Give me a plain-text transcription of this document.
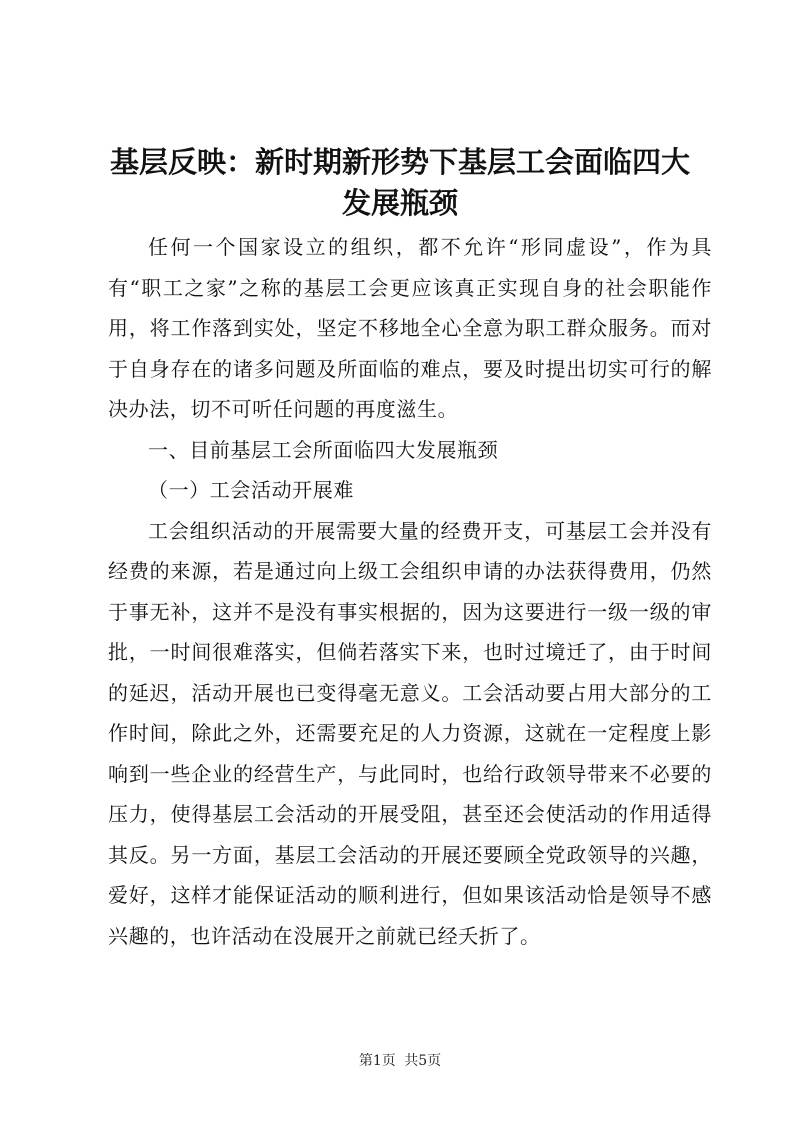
基层反映：新时期新形势下基层工会面临四大发展瓶颈

任何一个国家设立的组织，都不允许“形同虚设”，作为具有“职工之家”之称的基层工会更应该真正实现自身的社会职能作用，将工作落到实处，坚定不移地全心全意为职工群众服务。而对于自身存在的诸多问题及所面临的难点，要及时提出切实可行的解决办法，切不可听任问题的再度滋生。

一、目前基层工会所面临四大发展瓶颈

（一）工会活动开展难

工会组织活动的开展需要大量的经费开支，可基层工会并没有经费的来源，若是通过向上级工会组织申请的办法获得费用，仍然于事无补，这并不是没有事实根据的，因为这要进行一级一级的审批，一时间很难落实，但倘若落实下来，也时过境迁了，由于时间的延迟，活动开展也已变得毫无意义。工会活动要占用大部分的工作时间，除此之外，还需要充足的人力资源，这就在一定程度上影响到一些企业的经营生产，与此同时，也给行政领导带来不必要的压力，使得基层工会活动的开展受阻，甚至还会使活动的作用适得其反。另一方面，基层工会活动的开展还要顾全党政领导的兴趣，爱好，这样才能保证活动的顺利进行，但如果该活动恰是领导不感兴趣的，也许活动在没展开之前就已经夭折了。

第1页 共5页
